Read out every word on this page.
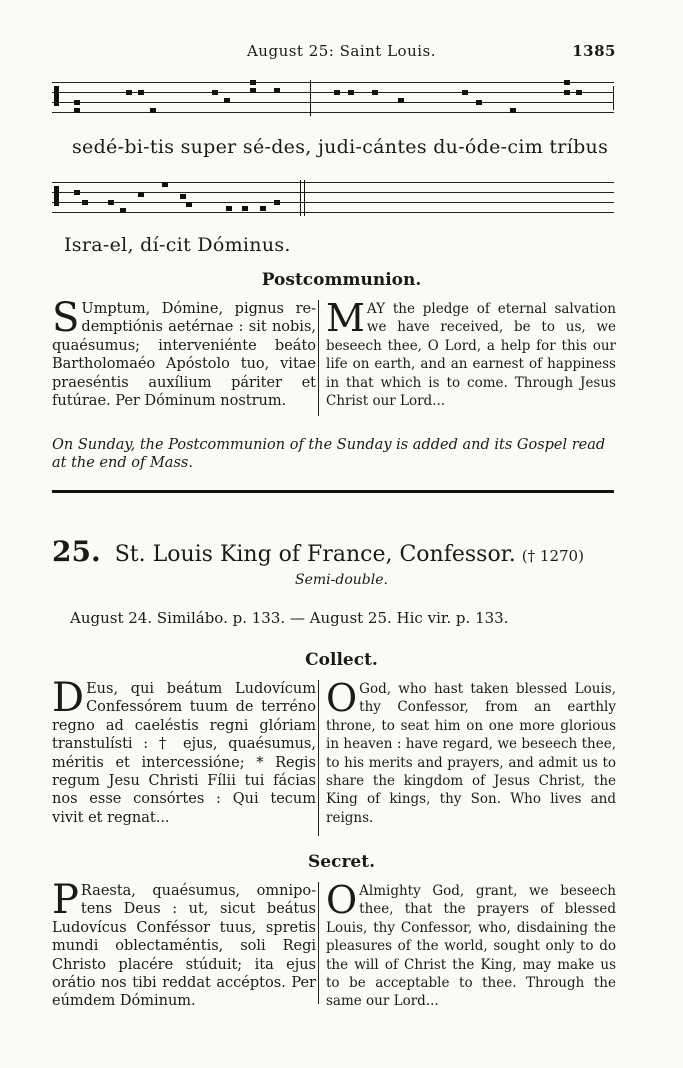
August 25: Saint Louis.	1385
sedé-bi-tis super sé-des, judi-cántes du-óde-cim tríbus
Isra-el, dí-cit Dóminus.
Postcommunion.
S Umptum, Dómine, pignus re-demptiónis aetérnae : sit nobis, quaésumus; interveniénte beáto Bartholomaéo Apóstolo tuo, vitae praeséntis auxílium páriter et futúrae. Per Dóminum nostrum.
MAY the pledge of eternal salvation we have received, be to us, we beseech thee, O Lord, a help for this our life on earth, and an earnest of happiness in that which is to come. Through Jesus Christ our Lord...
On Sunday, the Postcommunion of the Sunday is added and its Gospel read at the end of Mass.
25. St. Louis King of France, Confessor. († 1270)
Semi-double.
August 24. Similábo. p. 133. — August 25. Hic vir. p. 133.
Collect.
D Eus, qui beátum Ludovícum Confessórem tuum de terréno regno ad caeléstis regni glóriam transtulísti : † ejus, quaésumus, méritis et intercessióne; * Regis regum Jesu Christi Fílii tui fácias nos esse consórtes : Qui tecum vivit et regnat...
O God, who hast taken blessed Louis, thy Confessor, from an earthly throne, to seat him on one more glorious in heaven : have regard, we beseech thee, to his merits and prayers, and admit us to share the kingdom of Jesus Christ, the King of kings, thy Son. Who lives and reigns.
Secret.
P Raesta, quaésumus, omnipo-tens Deus : ut, sicut beátus Ludovícus Conféssor tuus, spretis mundi oblectaméntis, soli Regi Christo placére stúduit; ita ejus orátio nos tibi reddat accéptos. Per eúmdem Dóminum.
O Almighty God, grant, we beseech thee, that the prayers of blessed Louis, thy Confessor, who, disdaining the pleasures of the world, sought only to do the will of Christ the King, may make us to be acceptable to thee. Through the same our Lord...
